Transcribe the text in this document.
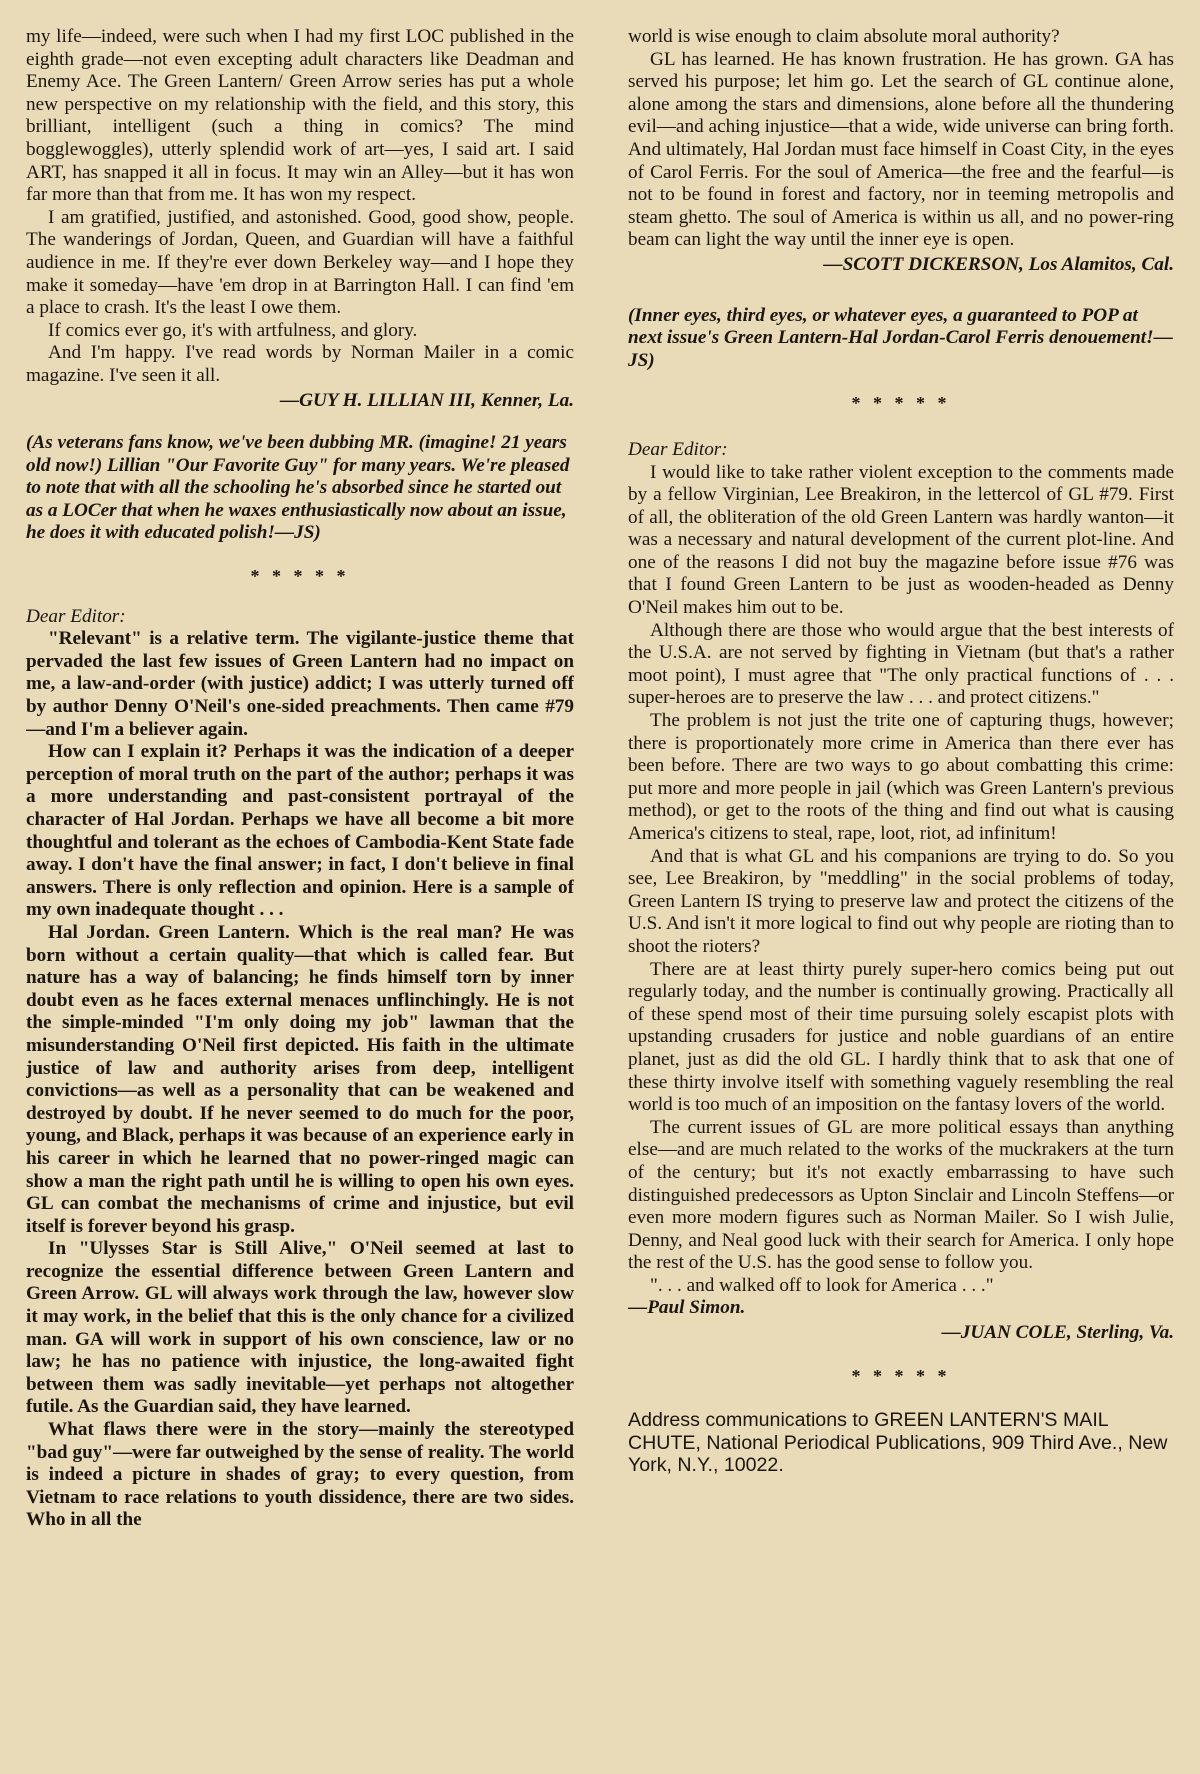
my life—indeed, were such when I had my first LOC published in the eighth grade—not even excepting adult characters like Deadman and Enemy Ace. The Green Lantern/ Green Arrow series has put a whole new perspective on my relationship with the field, and this story, this brilliant, intelligent (such a thing in comics? The mind bogglewoggles), utterly splendid work of art—yes, I said art. I said ART, has snapped it all in focus. It may win an Alley—but it has won far more than that from me. It has won my respect.

I am gratified, justified, and astonished. Good, good show, people. The wanderings of Jordan, Queen, and Guardian will have a faithful audience in me. If they're ever down Berkeley way—and I hope they make it someday—have 'em drop in at Barrington Hall. I can find 'em a place to crash. It's the least I owe them.

If comics ever go, it's with artfulness, and glory.

And I'm happy. I've read words by Norman Mailer in a comic magazine. I've seen it all.

—GUY H. LILLIAN III, Kenner, La.

(As veterans fans know, we've been dubbing MR. (imagine! 21 years old now!) Lillian "Our Favorite Guy" for many years. We're pleased to note that with all the schooling he's absorbed since he started out as a LOCer that when he waxes enthusiastically now about an issue, he does it with educated polish!—JS)

* * * * *

Dear Editor:

"Relevant" is a relative term. The vigilante-justice theme that pervaded the last few issues of Green Lantern had no impact on me, a law-and-order (with justice) addict; I was utterly turned off by author Denny O'Neil's one-sided preachments. Then came #79—and I'm a believer again.

How can I explain it? Perhaps it was the indication of a deeper perception of moral truth on the part of the author; perhaps it was a more understanding and past-consistent portrayal of the character of Hal Jordan. Perhaps we have all become a bit more thoughtful and tolerant as the echoes of Cambodia-Kent State fade away. I don't have the final answer; in fact, I don't believe in final answers. There is only reflection and opinion. Here is a sample of my own inadequate thought . . .

Hal Jordan. Green Lantern. Which is the real man? He was born without a certain quality—that which is called fear. But nature has a way of balancing; he finds himself torn by inner doubt even as he faces external menaces unflinchingly. He is not the simple-minded "I'm only doing my job" lawman that the misunderstanding O'Neil first depicted. His faith in the ultimate justice of law and authority arises from deep, intelligent convictions—as well as a personality that can be weakened and destroyed by doubt. If he never seemed to do much for the poor, young, and Black, perhaps it was because of an experience early in his career in which he learned that no power-ringed magic can show a man the right path until he is willing to open his own eyes. GL can combat the mechanisms of crime and injustice, but evil itself is forever beyond his grasp.

In "Ulysses Star is Still Alive," O'Neil seemed at last to recognize the essential difference between Green Lantern and Green Arrow. GL will always work through the law, however slow it may work, in the belief that this is the only chance for a civilized man. GA will work in support of his own conscience, law or no law; he has no patience with injustice, the long-awaited fight between them was sadly inevitable—yet perhaps not altogether futile. As the Guardian said, they have learned.

What flaws there were in the story—mainly the stereotyped "bad guy"—were far outweighed by the sense of reality. The world is indeed a picture in shades of gray; to every question, from Vietnam to race relations to youth dissidence, there are two sides. Who in all the

world is wise enough to claim absolute moral authority?

GL has learned. He has known frustration. He has grown. GA has served his purpose; let him go. Let the search of GL continue alone, alone among the stars and dimensions, alone before all the thundering evil—and aching injustice—that a wide, wide universe can bring forth. And ultimately, Hal Jordan must face himself in Coast City, in the eyes of Carol Ferris. For the soul of America—the free and the fearful—is not to be found in forest and factory, nor in teeming metropolis and steam ghetto. The soul of America is within us all, and no power-ring beam can light the way until the inner eye is open.

—SCOTT DICKERSON, Los Alamitos, Cal.

(Inner eyes, third eyes, or whatever eyes, a guaranteed to POP at next issue's Green Lantern-Hal Jordan-Carol Ferris denouement!—JS)

* * * * *

Dear Editor:

I would like to take rather violent exception to the comments made by a fellow Virginian, Lee Breakiron, in the lettercol of GL #79. First of all, the obliteration of the old Green Lantern was hardly wanton—it was a necessary and natural development of the current plot-line. And one of the reasons I did not buy the magazine before issue #76 was that I found Green Lantern to be just as wooden-headed as Denny O'Neil makes him out to be.

Although there are those who would argue that the best interests of the U.S.A. are not served by fighting in Vietnam (but that's a rather moot point), I must agree that "The only practical functions of . . . super-heroes are to preserve the law . . . and protect citizens."

The problem is not just the trite one of capturing thugs, however; there is proportionately more crime in America than there ever has been before. There are two ways to go about combatting this crime: put more and more people in jail (which was Green Lantern's previous method), or get to the roots of the thing and find out what is causing America's citizens to steal, rape, loot, riot, ad infinitum!

And that is what GL and his companions are trying to do. So you see, Lee Breakiron, by "meddling" in the social problems of today, Green Lantern IS trying to preserve law and protect the citizens of the U.S. And isn't it more logical to find out why people are rioting than to shoot the rioters?

There are at least thirty purely super-hero comics being put out regularly today, and the number is continually growing. Practically all of these spend most of their time pursuing solely escapist plots with upstanding crusaders for justice and noble guardians of an entire planet, just as did the old GL. I hardly think that to ask that one of these thirty involve itself with something vaguely resembling the real world is too much of an imposition on the fantasy lovers of the world.

The current issues of GL are more political essays than anything else—and are much related to the works of the muckrakers at the turn of the century; but it's not exactly embarrassing to have such distinguished predecessors as Upton Sinclair and Lincoln Steffens—or even more modern figures such as Norman Mailer. So I wish Julie, Denny, and Neal good luck with their search for America. I only hope the rest of the U.S. has the good sense to follow you.

". . . and walked off to look for America . . ."

—Paul Simon.

—JUAN COLE, Sterling, Va.

* * * * *

Address communications to GREEN LANTERN'S MAIL CHUTE, National Periodical Publications, 909 Third Ave., New York, N.Y., 10022.
